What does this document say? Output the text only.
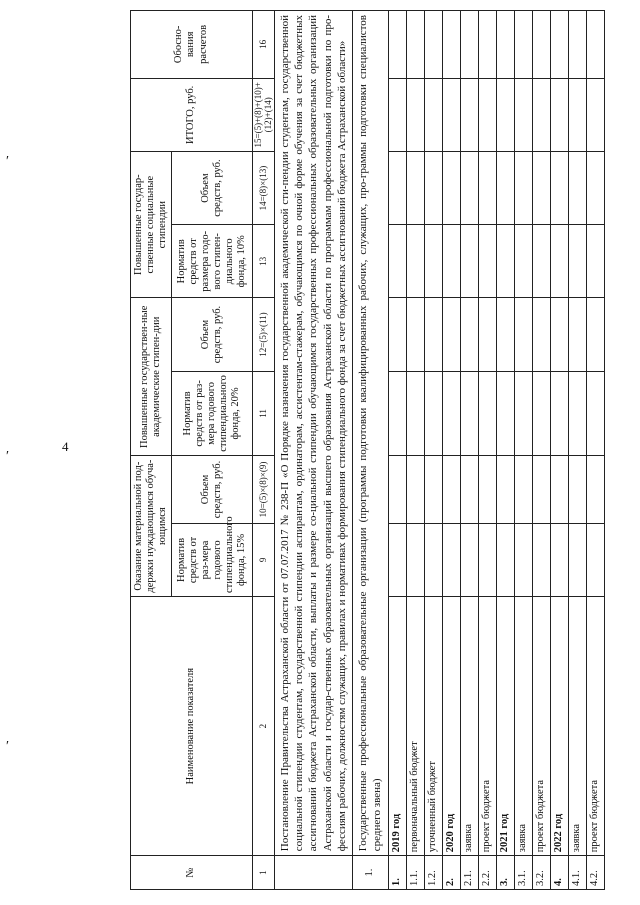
′
′
′
4
№	Наименование показателя	Оказание материальной под-держки нуждающимся обуча-ющимся		Повышенные государствен-ные академические стипен-дии		Повышенные государ-ственные социальные стипендии		ИТОГО, руб.	Обосно-вания расчетов
		Норматив средств от раз-мера годового стипендиального фонда, 15%	Объем средств, руб.	Норматив средств от раз-мера годового стипендиального фонда, 20%	Объем средств, руб.	Норматив средств от размера годо-вого стипен-диального фонда, 10%	Объем средств, руб.		
1	2	9	10=(5)×(8)×(9)	11	12=(5)×(11)	13	14=(8)×(13)	15=(5)+(8)+(10)+(12)+(14)	16
	Постановление Правительства Астраханской области от 07.07.2017 № 238-П «О Порядке назначения государственной академической сти-пендии студентам, государственной социальной стипендии студентам, государственной стипендии аспирантам, ординаторам, ассистентам-стажерам, обучающимся по очной форме обучения за счет бюджетных ассигнований бюджета Астраханской области, выплаты и размере со-циальной стипендии обучающимся государственных профессиональных образовательных организаций Астраханской области и государ-ственных образовательных организаций высшего образования Астраханской области по программам профессиональной подготовки по про-фессиям рабочих, должностям служащих, правилах и нормативах формирования стипендиального фонда за счет бюджетных ассигнований бюджета Астраханской области»								
1.	Государственные профессиональные образовательные организации (программы подготовки квалифицированных рабочих, служащих, про-граммы подготовки специалистов среднего звена)								
1.	2019 год								
1.1.	первоначальный бюджет								
1.2.	уточненный бюджет								
2.	2020 год								
2.1.	заявка								
2.2.	проект бюджета								
3.	2021 год								
3.1.	заявка								
3.2.	проект бюджета								
4.	2022 год								
4.1.	заявка								
4.2.	проект бюджета								
